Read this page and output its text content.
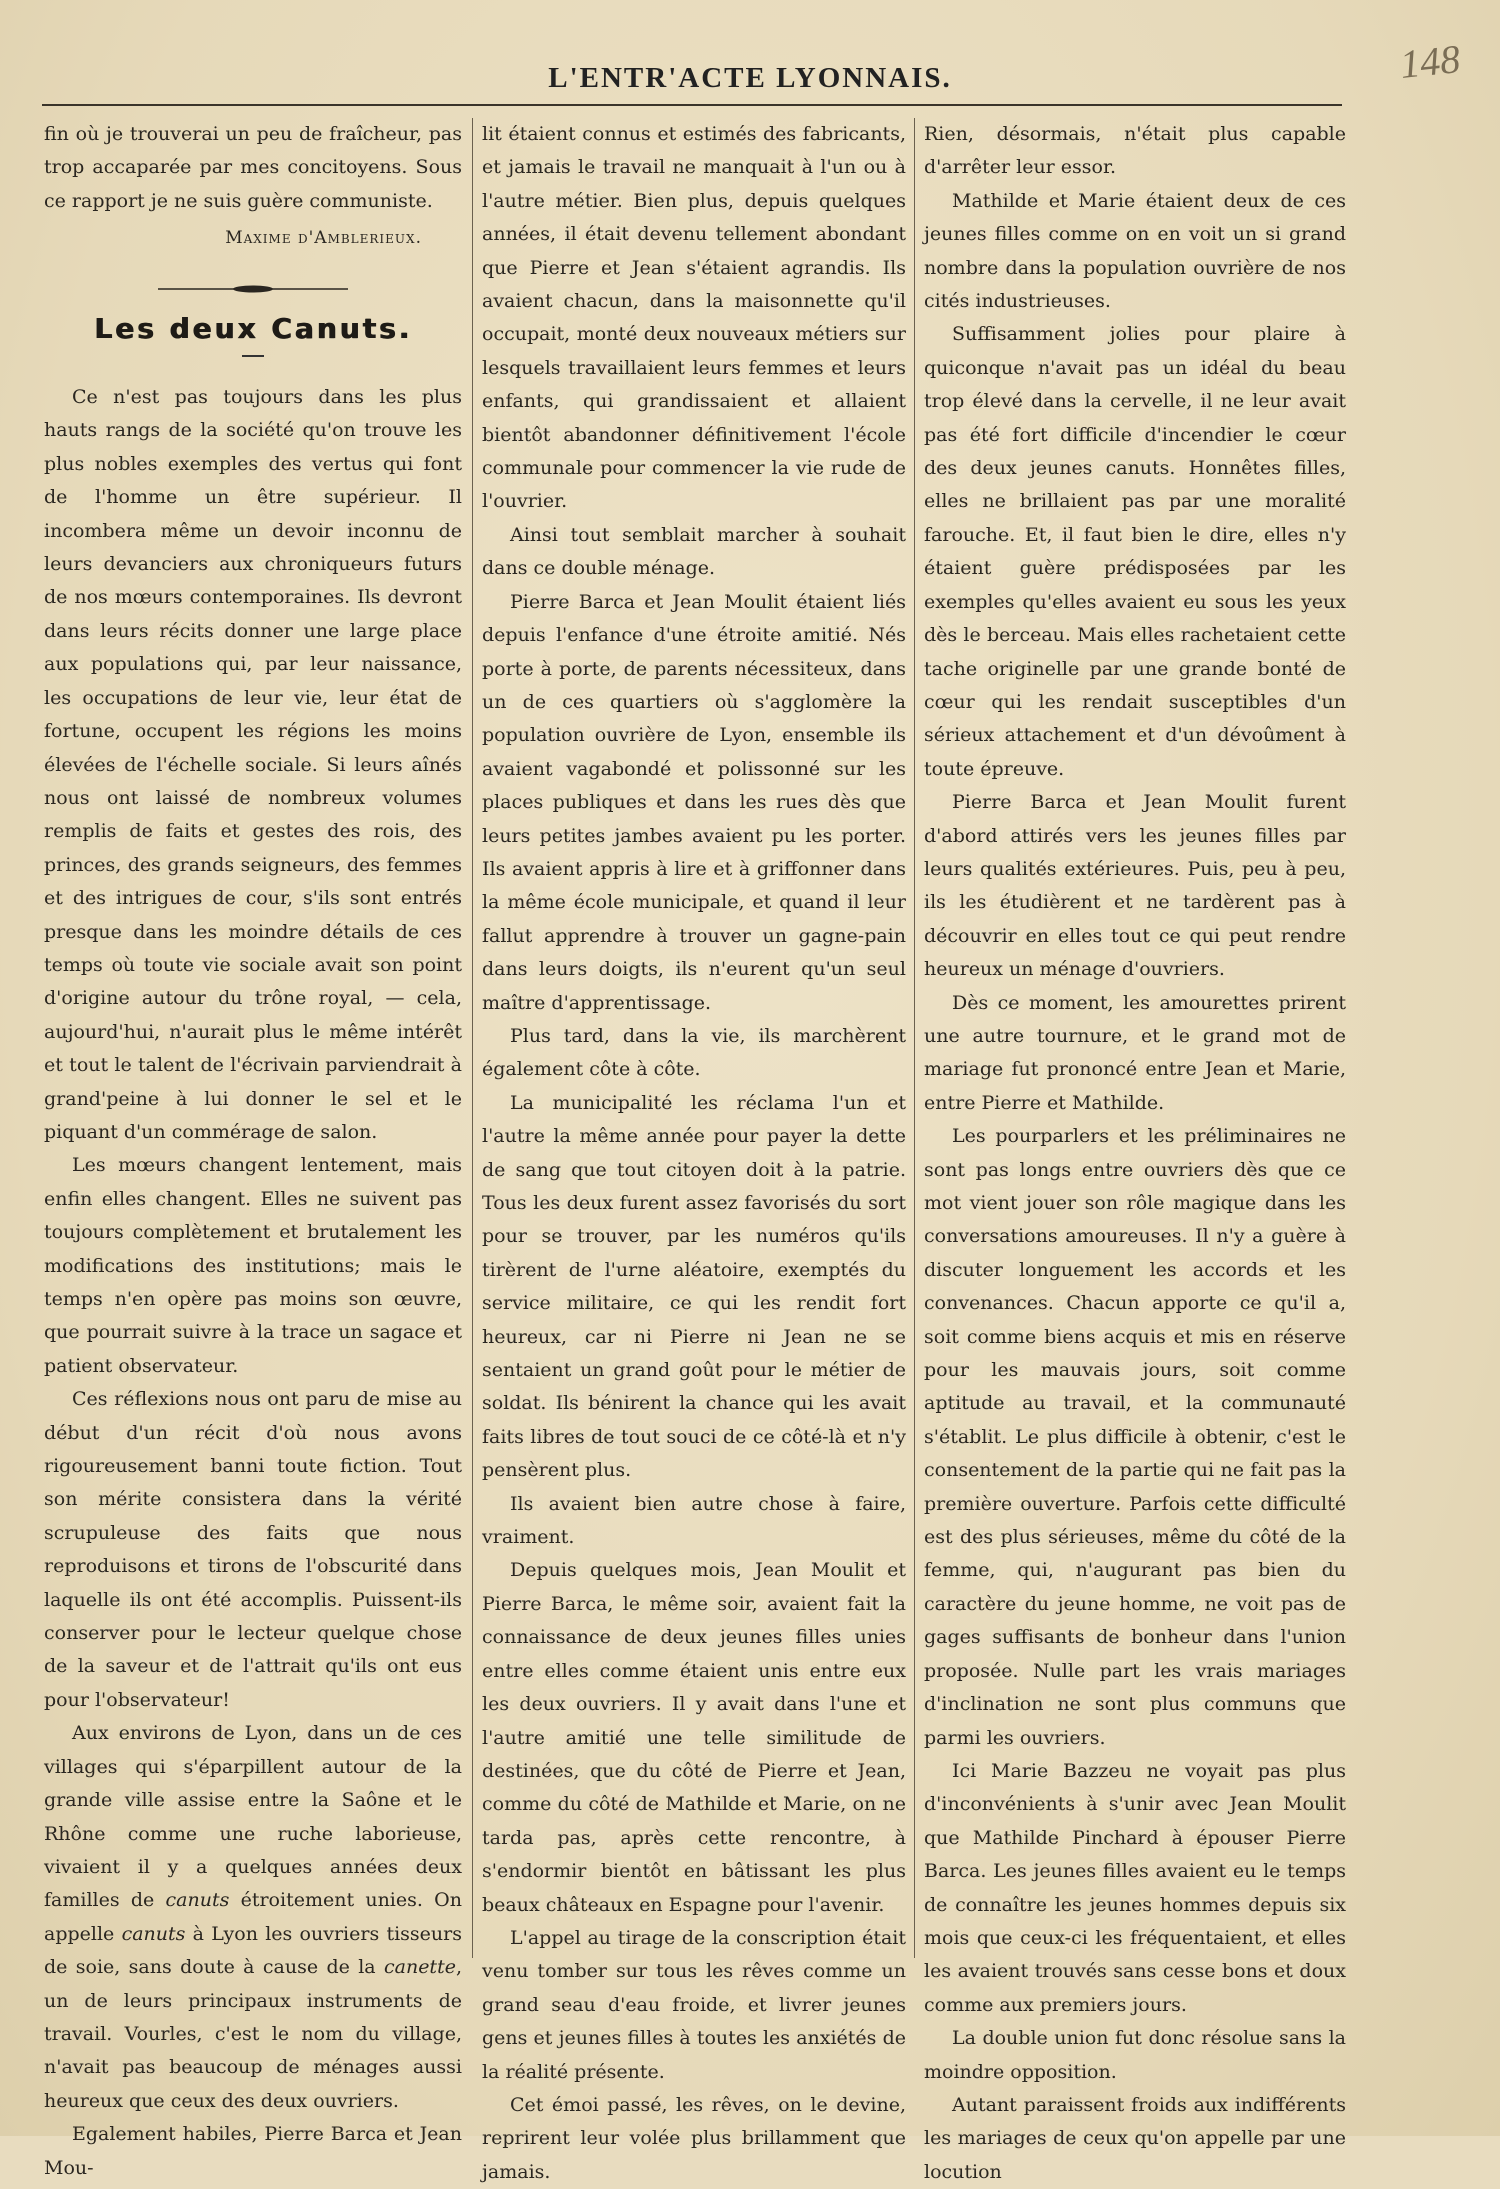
L'ENTR'ACTE LYONNAIS.	148

fin où je trouverai un peu de fraîcheur, pas trop accaparée par mes concitoyens. Sous ce rapport je ne suis guère communiste.

Maxime d'Amblerieux.
Les deux Canuts.

Ce n'est pas toujours dans les plus hauts rangs de la société qu'on trouve les plus nobles exemples des vertus qui font de l'homme un être supérieur. Il incombera même un devoir inconnu de leurs devanciers aux chroniqueurs futurs de nos mœurs contemporaines. Ils devront dans leurs récits donner une large place aux populations qui, par leur naissance, les occupations de leur vie, leur état de fortune, occupent les régions les moins élevées de l'échelle sociale. Si leurs aînés nous ont laissé de nombreux volumes remplis de faits et gestes des rois, des princes, des grands seigneurs, des femmes et des intrigues de cour, s'ils sont entrés presque dans les moindre détails de ces temps où toute vie sociale avait son point d'origine autour du trône royal, — cela, aujourd'hui, n'aurait plus le même intérêt et tout le talent de l'écrivain parviendrait à grand'peine à lui donner le sel et le piquant d'un commérage de salon.

Les mœurs changent lentement, mais enfin elles changent. Elles ne suivent pas toujours complètement et brutalement les modifications des institutions; mais le temps n'en opère pas moins son œuvre, que pourrait suivre à la trace un sagace et patient observateur.

Ces réflexions nous ont paru de mise au début d'un récit d'où nous avons rigoureusement banni toute fiction. Tout son mérite consistera dans la vérité scrupuleuse des faits que nous reproduisons et tirons de l'obscurité dans laquelle ils ont été accomplis. Puissent-ils conserver pour le lecteur quelque chose de la saveur et de l'attrait qu'ils ont eus pour l'observateur!

Aux environs de Lyon, dans un de ces villages qui s'éparpillent autour de la grande ville assise entre la Saône et le Rhône comme une ruche laborieuse, vivaient il y a quelques années deux familles de canuts étroitement unies. On appelle canuts à Lyon les ouvriers tisseurs de soie, sans doute à cause de la canette, un de leurs principaux instruments de travail. Vourles, c'est le nom du village, n'avait pas beaucoup de ménages aussi heureux que ceux des deux ouvriers.

Egalement habiles, Pierre Barca et Jean Mou-

lit étaient connus et estimés des fabricants, et jamais le travail ne manquait à l'un ou à l'autre métier. Bien plus, depuis quelques années, il était devenu tellement abondant que Pierre et Jean s'étaient agrandis. Ils avaient chacun, dans la maisonnette qu'il occupait, monté deux nouveaux métiers sur lesquels travaillaient leurs femmes et leurs enfants, qui grandissaient et allaient bientôt abandonner définitivement l'école communale pour commencer la vie rude de l'ouvrier.

Ainsi tout semblait marcher à souhait dans ce double ménage.

Pierre Barca et Jean Moulit étaient liés depuis l'enfance d'une étroite amitié. Nés porte à porte, de parents nécessiteux, dans un de ces quartiers où s'agglomère la population ouvrière de Lyon, ensemble ils avaient vagabondé et polissonné sur les places publiques et dans les rues dès que leurs petites jambes avaient pu les porter. Ils avaient appris à lire et à griffonner dans la même école municipale, et quand il leur fallut apprendre à trouver un gagne-pain dans leurs doigts, ils n'eurent qu'un seul maître d'apprentissage.

Plus tard, dans la vie, ils marchèrent également côte à côte.

La municipalité les réclama l'un et l'autre la même année pour payer la dette de sang que tout citoyen doit à la patrie. Tous les deux furent assez favorisés du sort pour se trouver, par les numéros qu'ils tirèrent de l'urne aléatoire, exemptés du service militaire, ce qui les rendit fort heureux, car ni Pierre ni Jean ne se sentaient un grand goût pour le métier de soldat. Ils bénirent la chance qui les avait faits libres de tout souci de ce côté-là et n'y pensèrent plus.

Ils avaient bien autre chose à faire, vraiment.

Depuis quelques mois, Jean Moulit et Pierre Barca, le même soir, avaient fait la connaissance de deux jeunes filles unies entre elles comme étaient unis entre eux les deux ouvriers. Il y avait dans l'une et l'autre amitié une telle similitude de destinées, que du côté de Pierre et Jean, comme du côté de Mathilde et Marie, on ne tarda pas, après cette rencontre, à s'endormir bientôt en bâtissant les plus beaux châteaux en Espagne pour l'avenir.

L'appel au tirage de la conscription était venu tomber sur tous les rêves comme un grand seau d'eau froide, et livrer jeunes gens et jeunes filles à toutes les anxiétés de la réalité présente.

Cet émoi passé, les rêves, on le devine, reprirent leur volée plus brillamment que jamais.

Rien, désormais, n'était plus capable d'arrêter leur essor.

Mathilde et Marie étaient deux de ces jeunes filles comme on en voit un si grand nombre dans la population ouvrière de nos cités industrieuses.

Suffisamment jolies pour plaire à quiconque n'avait pas un idéal du beau trop élevé dans la cervelle, il ne leur avait pas été fort difficile d'incendier le cœur des deux jeunes canuts. Honnêtes filles, elles ne brillaient pas par une moralité farouche. Et, il faut bien le dire, elles n'y étaient guère prédisposées par les exemples qu'elles avaient eu sous les yeux dès le berceau. Mais elles rachetaient cette tache originelle par une grande bonté de cœur qui les rendait susceptibles d'un sérieux attachement et d'un dévoûment à toute épreuve.

Pierre Barca et Jean Moulit furent d'abord attirés vers les jeunes filles par leurs qualités extérieures. Puis, peu à peu, ils les étudièrent et ne tardèrent pas à découvrir en elles tout ce qui peut rendre heureux un ménage d'ouvriers.

Dès ce moment, les amourettes prirent une autre tournure, et le grand mot de mariage fut prononcé entre Jean et Marie, entre Pierre et Mathilde.

Les pourparlers et les préliminaires ne sont pas longs entre ouvriers dès que ce mot vient jouer son rôle magique dans les conversations amoureuses. Il n'y a guère à discuter longuement les accords et les convenances. Chacun apporte ce qu'il a, soit comme biens acquis et mis en réserve pour les mauvais jours, soit comme aptitude au travail, et la communauté s'établit. Le plus difficile à obtenir, c'est le consentement de la partie qui ne fait pas la première ouverture. Parfois cette difficulté est des plus sérieuses, même du côté de la femme, qui, n'augurant pas bien du caractère du jeune homme, ne voit pas de gages suffisants de bonheur dans l'union proposée. Nulle part les vrais mariages d'inclination ne sont plus communs que parmi les ouvriers.

Ici Marie Bazzeu ne voyait pas plus d'inconvénients à s'unir avec Jean Moulit que Mathilde Pinchard à épouser Pierre Barca. Les jeunes filles avaient eu le temps de connaître les jeunes hommes depuis six mois que ceux-ci les fréquentaient, et elles les avaient trouvés sans cesse bons et doux comme aux premiers jours.

La double union fut donc résolue sans la moindre opposition.

Autant paraissent froids aux indifférents les mariages de ceux qu'on appelle par une locution
